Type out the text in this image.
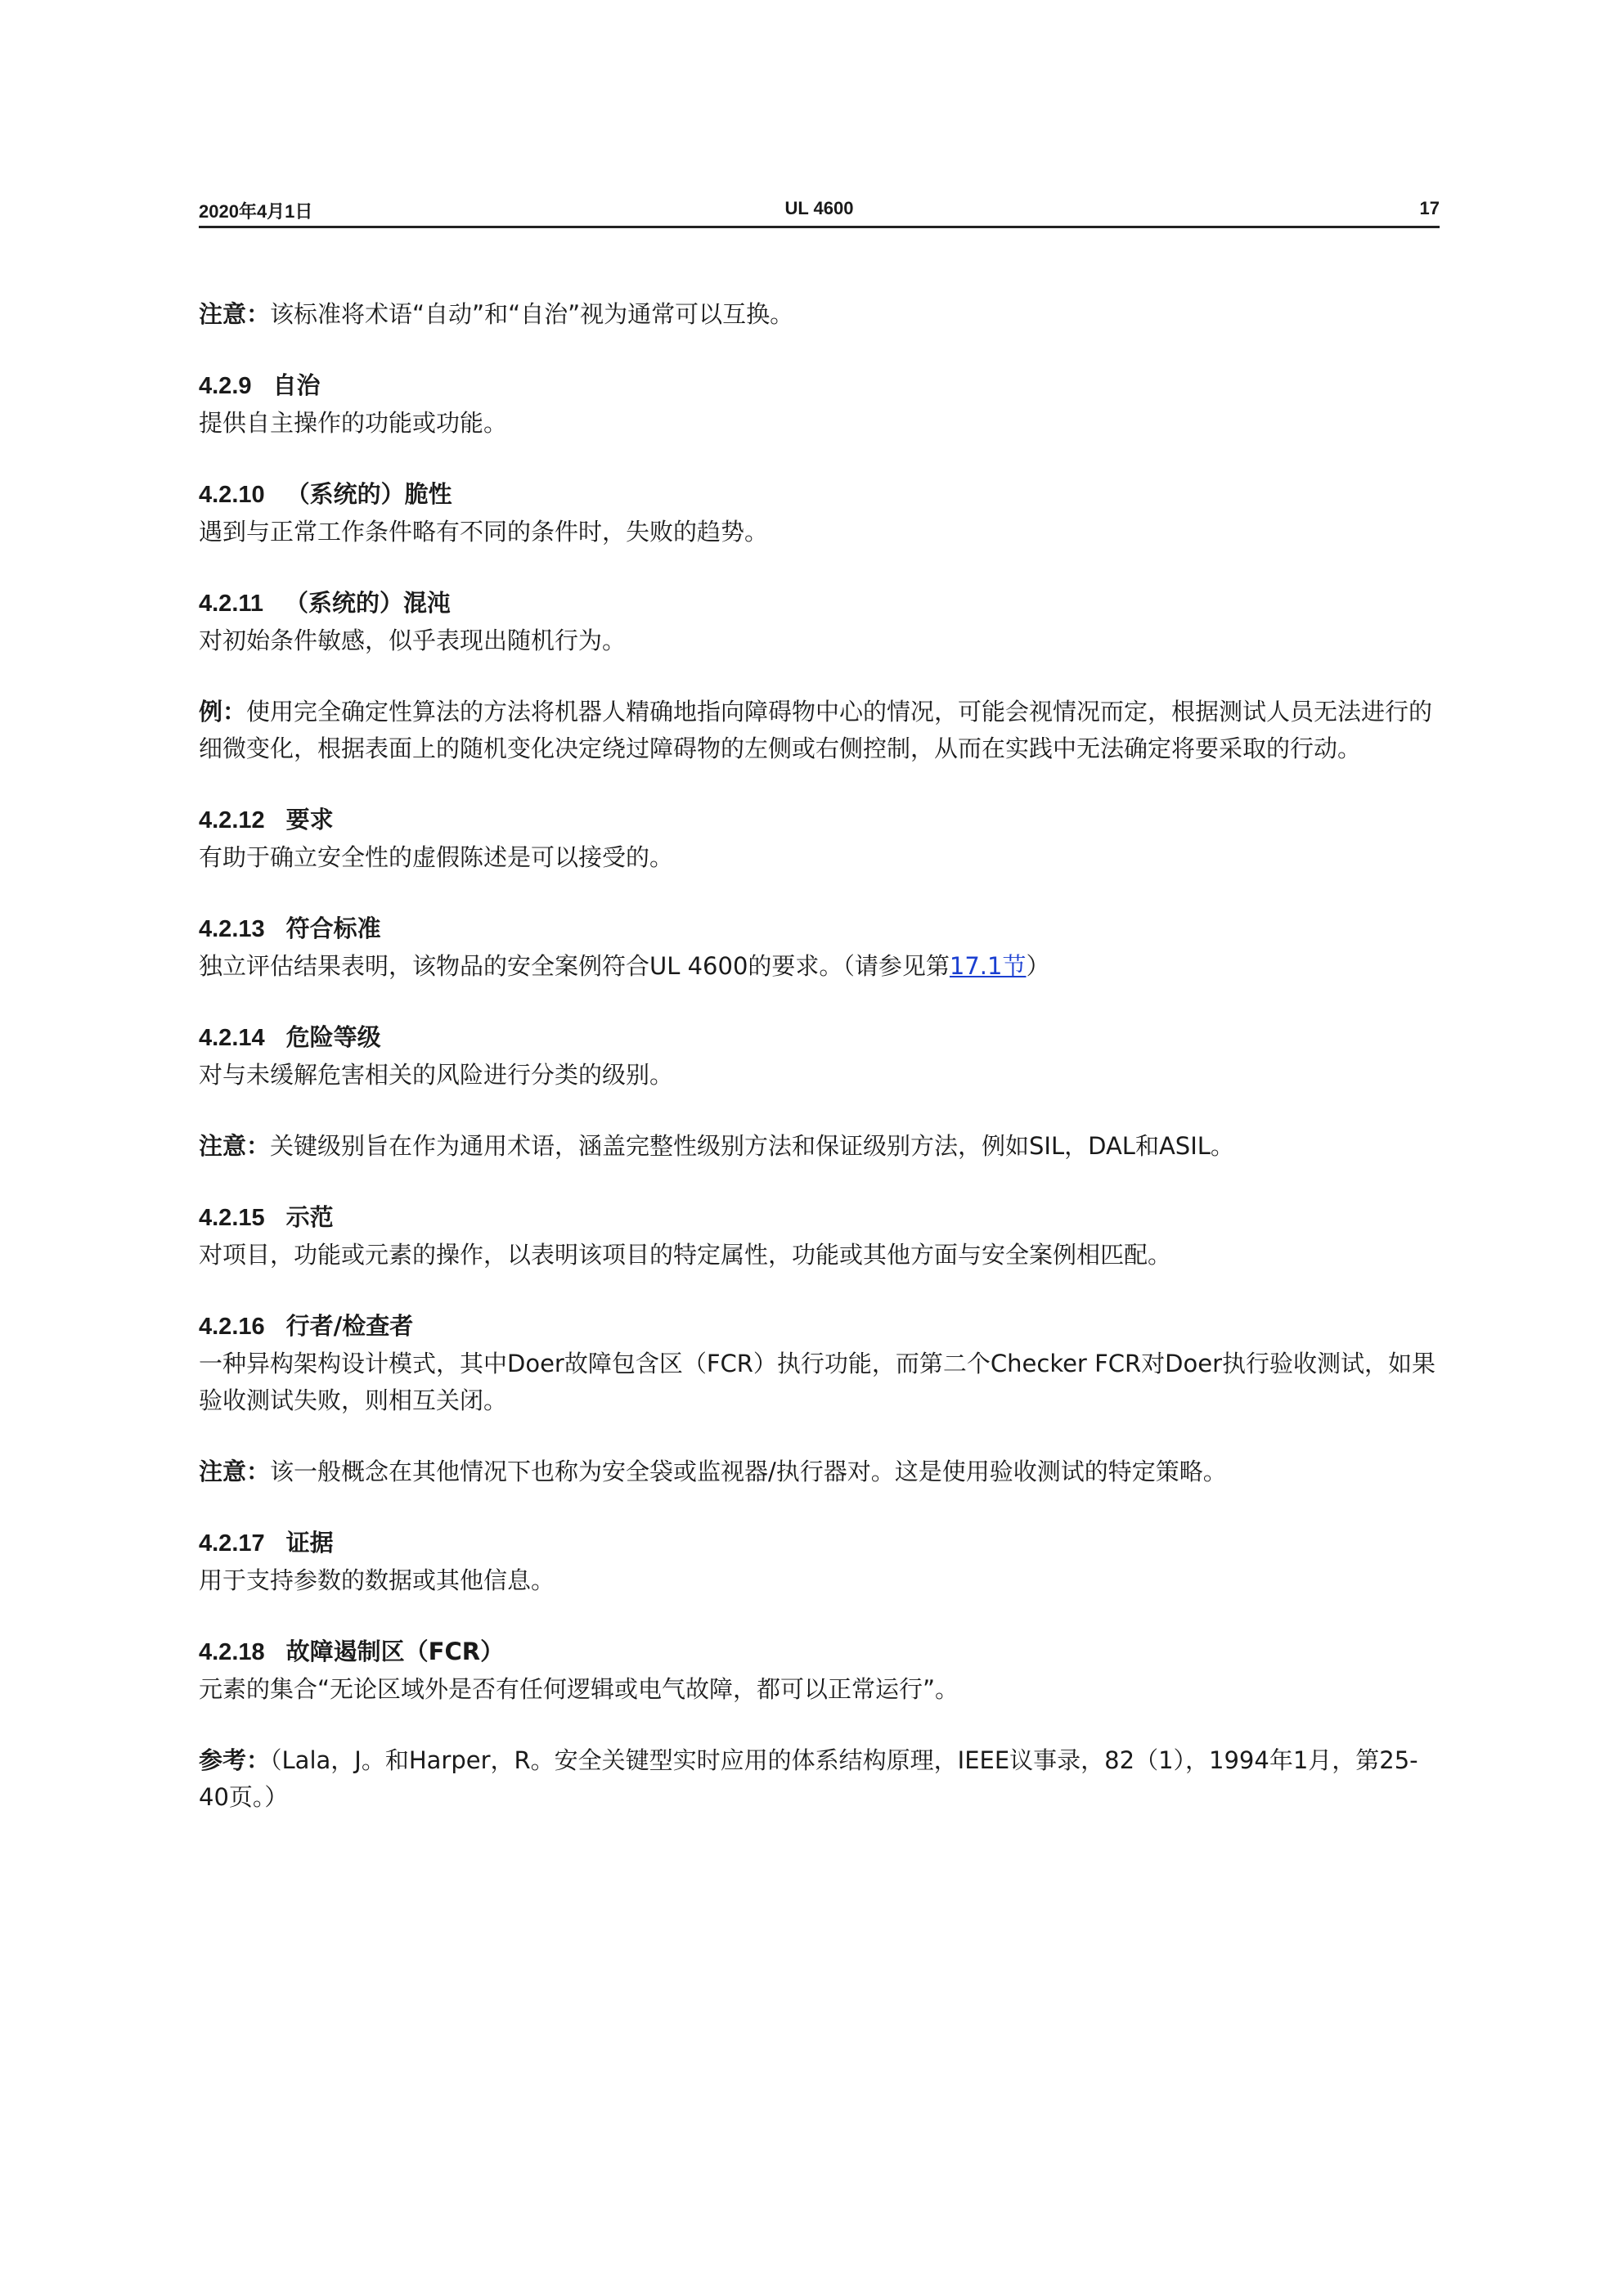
2020年4月1日	UL 4600	17

注意：该标准将术语“自动”和“自治”视为通常可以互换。

4.2.9 自治
提供自主操作的功能或功能。
4.2.10 （系统的）脆性
遇到与正常工作条件略有不同的条件时，失败的趋势。
4.2.11 （系统的）混沌
对初始条件敏感，似乎表现出随机行为。

例：使用完全确定性算法的方法将机器人精确地指向障碍物中心的情况，可能会视情况而定，根据测试人员无法进行的细微变化，根据表面上的随机变化决定绕过障碍物的左侧或右侧控制，从而在实践中无法确定将要采取的行动。

4.2.12 要求
有助于确立安全性的虚假陈述是可以接受的。
4.2.13 符合标准
独立评估结果表明，该物品的安全案例符合UL 4600的要求。（请参见第17.1节）
4.2.14 危险等级
对与未缓解危害相关的风险进行分类的级别。

注意：关键级别旨在作为通用术语，涵盖完整性级别方法和保证级别方法，例如SIL，DAL和ASIL。

4.2.15 示范
对项目，功能或元素的操作，以表明该项目的特定属性，功能或其他方面与安全案例相匹配。
4.2.16 行者/检查者
一种异构架构设计模式，其中Doer故障包含区（FCR）执行功能，而第二个Checker FCR对Doer执行验收测试，如果验收测试失败，则相互关闭。

注意：该一般概念在其他情况下也称为安全袋或监视器/执行器对。这是使用验收测试的特定策略。

4.2.17 证据
用于支持参数的数据或其他信息。
4.2.18 故障遏制区（FCR）
元素的集合“无论区域外是否有任何逻辑或电气故障，都可以正常运行”。

参考：（Lala，J。和Harper，R。安全关键型实时应用的体系结构原理，IEEE议事录，82（1），1994年1月，第25-40页。）
